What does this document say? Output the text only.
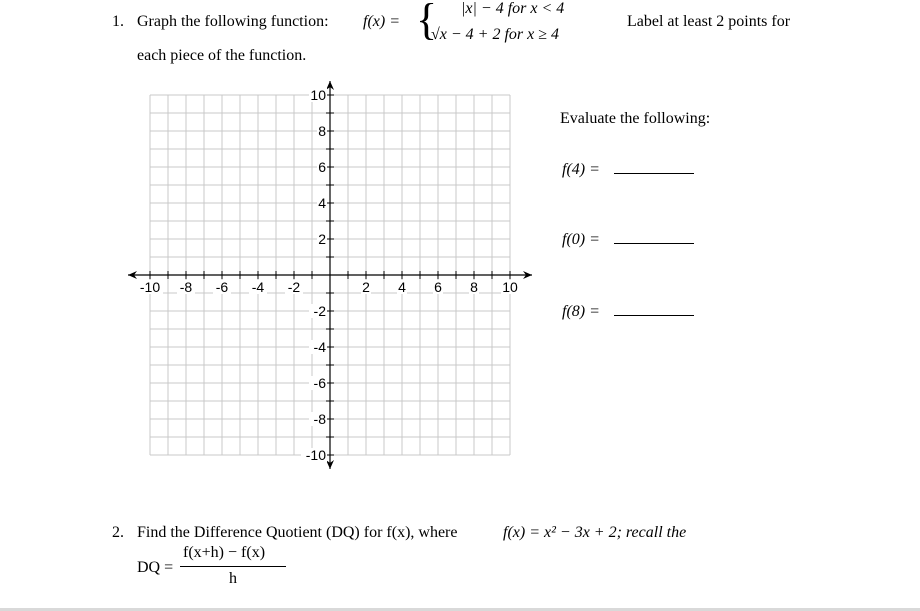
1. Graph the following function: f(x) = { |x| − 4 for x < 4
√x − 4 + 2 for x ≥ 4
Label at least 2 points for
each piece of the function.
-10 -8 -6 -4 -2	2 4 6 8 10
10
8
6
4
2
-2
-4
-6
-8
-10
Evaluate the following:
f(4) =
f(0) =
f(8) =
2. Find the Difference Quotient (DQ) for f(x), where	f(x) = x² − 3x + 2; recall the
DQ =
f(x+h) − f(x)
h
